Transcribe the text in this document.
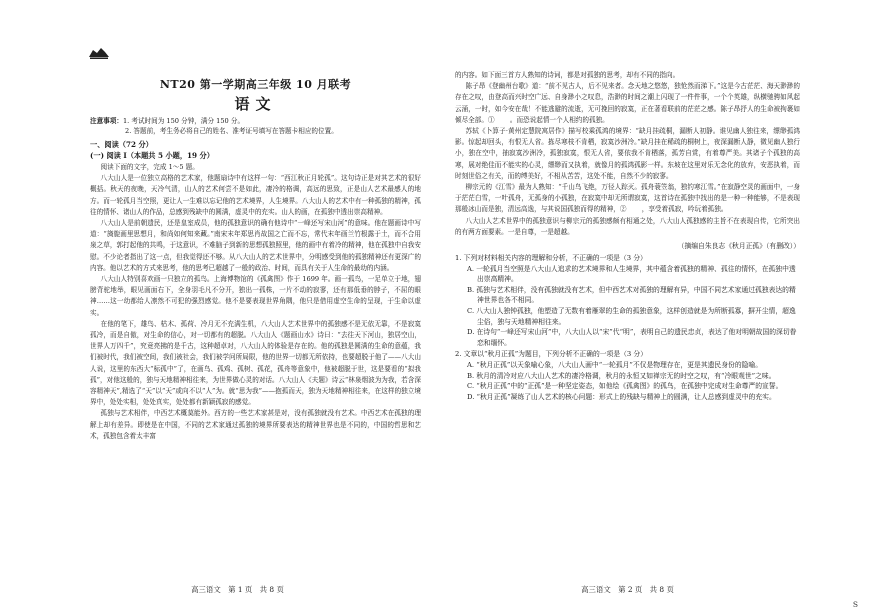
NT20 第一学期高三年级 10 月联考
语文
注意事项：1. 考试时间为 150 分钟，满分 150 分。
2. 答题前，考生务必将自己的姓名、准考证号填写在答题卡相应的位置。
一、阅读（72 分）
(一) 阅读 I（本题共 5 小题，19 分）

阅读下面的文字，完成 1～5 题。

八大山人是一位独立高格的艺术家，他题扇诗中有这样一句：“西江秋正月轮孤”。这句诗正是对其艺术的很好概括。秋天的夜晚，天冷气清，山人的艺术何尝不是如此，凄冷的格调，高远的思致，正是山人艺术最感人的地方。而一轮孤月当空照，更让人一生难以忘记他的艺术境界，人生境界。八大山人的艺术中有一种孤独的精神，孤往的情怀、诸山人的作品，总感到残缺中的圆满，虚灵中的充实。山人的画，在孤独中透出崇高精神。

八大山人是前朝遗民，还是皇室成员，他的孤独意识的确有他诗中“一峰还写宋山河”的意味。他在题画诗中写道：“旖旎画里思想月，和尚如何知来藏。”南宋末年郑思肖故国之亡而不忘，常代末年画兰竹根露于土，而不合用泉之草，郭打起他的共鸣，于这意识，不难脑子到新的思想孤独照里，他的画中有着冷的精神，他在孤独中自我安慰。不少论者指出了这一点，但我觉得还不够。从八大山人的艺术世界中，分明感受到他的孤独精神还有更深广的内容。他以艺术的方式来思考，他的思考已超越了一般的政治、时间，而具有关于人生命的最幼的内涵。

八大山人特别喜欢画一只独立的孤鸟。上海博物馆的《孤禽图》作于 1699 年。画一孤鸟，一足单立于地，翅膀背驼地举，眼见画面右下，全身羽毛凡不分开，独出一孤株，一片不动的寂寥，还有那低垂的脖子，不屈的眼神……这一幼都给人凛然不可犯的强烈感觉。他不是要表现世界角隅，他只是借用虚空生命的呈现，于生命以虚实。

在他的笔下，雄鸟、枯木、孤荷、冷月无不充满生机，八大山人艺术世界中的孤独感不是无依无靠，不是寂寞孤冷，而是自傲，对生命的信心，对一切都有的超脱。八大山人《题画山水》诗曰：“去往天下河山，独居空山，世界人万四千”，究竟亮拂的是千古，这种超卓对，八大山人的体验是存在的。他的孤独是圆满的生命的意蕴，我们被时代，我们被空间，我们被社会，我们被学问所局限，他的世界一切都无所依持，也要超脱于他了——八大山人说，这里的东西大“标孤中”了，在画鸟、孤鸡、孤树、孤花，孤舟等意象中，他被超脱于世，这是要看的“拟我孤”，对他这般的，独与天地精神相往来，为世界做心灵的对话。八大山人《夫题》诗云“林泉烟波为为我，若含深容精神天”,精选了“天”以“天”或向不以“人”为。就“思为我”——抱孤而天，独为天地精神相往来，在这样的独立境界中，处处实相，处处真实，处处都有新颖孤寂的感觉。

孤独与艺术相伴，中西艺术概莫能外。西方的一些艺术家甚是对，没有孤独就没有艺术。中西艺术在孤独的理解上却有差异。即使是在中国，不同的艺术家通过孤独的境界所要表达的精神世界也是不同的，中国的哲思和艺术，孤独包含着太丰富

高三语文　第 1 页　共 8 页

的内容。如下面三首方人熟知的诗词，都是对孤独的思考，却有不同的指向。

陈子昂《登幽州台歌》道：“前不见古人，后不见来者。念天地之悠悠，独怆然而涕下。”这是今古茫茫、海天渺渺的存在之叹，由登高而兴时空广远、自身渺小之叹息，浩渺的时间之潮上闪现了一件件事，一个个英雄，纵横驰骋如风起云涌，一时，如今安在哉！不能逃避的流逝，无可挽回的寂寞，正在著看联前的茫茫之感。陈子昂抒人的生命被拘裹如倾尽全部。① 　　。而恐说起情一个人相约的孤独。

苏轼《卜算子·黄州定慧院寓居作》描写校乘孤鸿的境界：“缺月挂疏桐，漏断人初静。谁见幽人独往来，缥缈孤鸿影。惊起却回头，有恨无人省。拣尽寒枝不肯栖，寂寞沙洲冷。”缺月挂在稀疏的桐树上，夜深漏断人静，微见幽人独行小，独在空中，抽寂寞沙洲冷，孤独寂寞，恨无人省，要依我不肯栖落，孤芳自赏，有着尊严美。其诸子个孤独的高寒，展对绝佳而不能实的心灵，缥缈而又执着，就像月的孤鸿孤影一样。东坡在这里对乐无念化的放弃，安恶执着，而时刻世俗之有关，而的缚美好，不相从苦苦，这处不能，自然不少的寂寥。

柳宗元的《江雪》最为人熟知：“千山鸟飞绝，万径人踪灭。孤舟蓑笠翁，独钓寒江雪。”在寂静空灵的画面中，一身于茫茫白雪，一叶孤舟，无孤身的小孤独，在寂寞中却无所谓寂寞，这首诗在孤独中找出的是一种一种能够，不是表现那般冰山而是独，清远高逸，与其说国孤独而得的精神，② 　　，享受着孤寂，吟玩着孤独。

八大山人艺术世界中的孤独意识与柳宗元的孤独感颇有相通之处，八大山人孤独感的主旨不在表现自传，它所突出的有两方面要素。一是自尊，一是超越。

（摘编自朱良志《秋月正孤》（有删改））
1. 下列对材料相关内容的理解和分析，不正确的一项是（3 分）
A. 一轮孤月当空照是八大山人追求的艺术境界和人生境界，其中蕴含着孤独的精神、孤往的情怀，在孤独中透出崇高精神。
B. 孤独与艺术相伴，没有孤独就没有艺术，但中西艺术对孤独的理解有异，中国不同艺术家通过孤独表达的精神世界也各不相同。
C. 八大山人独钟孤独，他塑造了无数有着雁翠的生命的孤独意象，这样创造就是为所断孤寡，摒开尘情，超逸尘俗，独与天地精神相往来。
D. 在诗句“一峰还写宋山河”中，八大山人以“宋”代“明”，表明自己的遗民忠贞，表达了他对明朝故国的深切眷恋和缅怀。
2. 文章以“秋月正孤”为题目，下列分析不正确的一项是（3 分）
A. “秋月正孤”以天象喻心象，八大山人画中“一轮孤月”不仅是物理存在，更是其遗民身份的隐喻。
B. 秋月的清冷对应八大山人艺术的凄冷格调，秋月的永恒又如禅宗无的时空之叹，有“冷眼观世”之味。
C. “秋月正孤”中的“正孤”是一种坚定姿态，如他绘《孤禽图》的孤鸟，在孤独中完成对生命尊严的宣誓。
D. “秋月正孤”凝练了山人艺术的核心问题：形式上的残缺与精神上的圆满，让人总感到虚灵中的充实。
高三语文　第 2 页　共 8 页
S
